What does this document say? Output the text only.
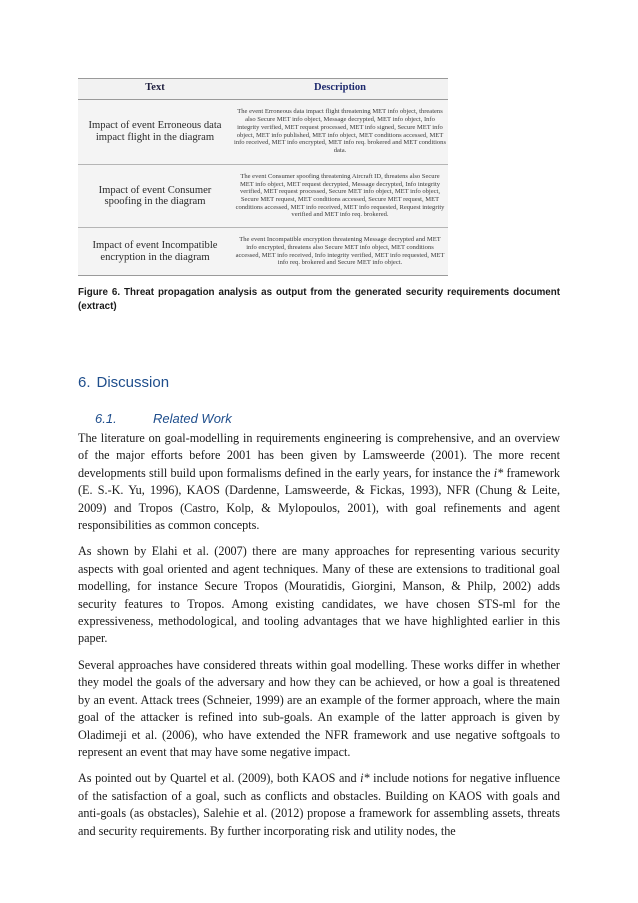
Text	Description
Impact of event Erroneous data impact flight in the diagram
The event Erroneous data impact flight threatening MET info object, threatens also Secure MET info object, Message decrypted, MET info object, Info integrity verified, MET request processed, MET info signed, Secure MET info object, MET info published, MET info object, MET conditions accessed, MET info received, MET info encrypted, MET info req. brokered and MET conditions data.
Impact of event Consumer spoofing in the diagram
The event Consumer spoofing threatening Aircraft ID, threatens also Secure MET info object, MET request decrypted, Message decrypted, Info integrity verified, MET request processed, Secure MET info object, MET info object, Secure MET request, MET conditions accessed, Secure MET request, MET conditions accessed, MET info received, MET info requested, Request integrity verified and MET info req. brokered.
Impact of event Incompatible encryption in the diagram
The event Incompatible encryption threatening Message decrypted and MET info encrypted, threatens also Secure MET info object, MET conditions accessed, MET info received, Info integrity verified, MET info requested, MET info req. brokered and Secure MET info object.
Figure 6. Threat propagation analysis as output from the generated security requirements document (extract)
6. Discussion
6.1.	Related Work

The literature on goal-modelling in requirements engineering is comprehensive, and an overview of the major efforts before 2001 has been given by Lamsweerde (2001). The more recent developments still build upon formalisms defined in the early years, for instance the i* framework (E. S.-K. Yu, 1996), KAOS (Dardenne, Lamsweerde, & Fickas, 1993), NFR (Chung & Leite, 2009) and Tropos (Castro, Kolp, & Mylopoulos, 2001), with goal refinements and agent responsibilities as common concepts.

As shown by Elahi et al. (2007) there are many approaches for representing various security aspects with goal oriented and agent techniques. Many of these are extensions to traditional goal modelling, for instance Secure Tropos (Mouratidis, Giorgini, Manson, & Philp, 2002) adds security features to Tropos. Among existing candidates, we have chosen STS-ml for the expressiveness, methodological, and tooling advantages that we have highlighted earlier in this paper.

Several approaches have considered threats within goal modelling. These works differ in whether they model the goals of the adversary and how they can be achieved, or how a goal is threatened by an event. Attack trees (Schneier, 1999) are an example of the former approach, where the main goal of the attacker is refined into sub-goals. An example of the latter approach is given by Oladimeji et al. (2006), who have extended the NFR framework and use negative softgoals to represent an event that may have some negative impact.

As pointed out by Quartel et al. (2009), both KAOS and i* include notions for negative influence of the satisfaction of a goal, such as conflicts and obstacles. Building on KAOS with goals and anti-goals (as obstacles), Salehie et al. (2012) propose a framework for assembling assets, threats and security requirements. By further incorporating risk and utility nodes, the
